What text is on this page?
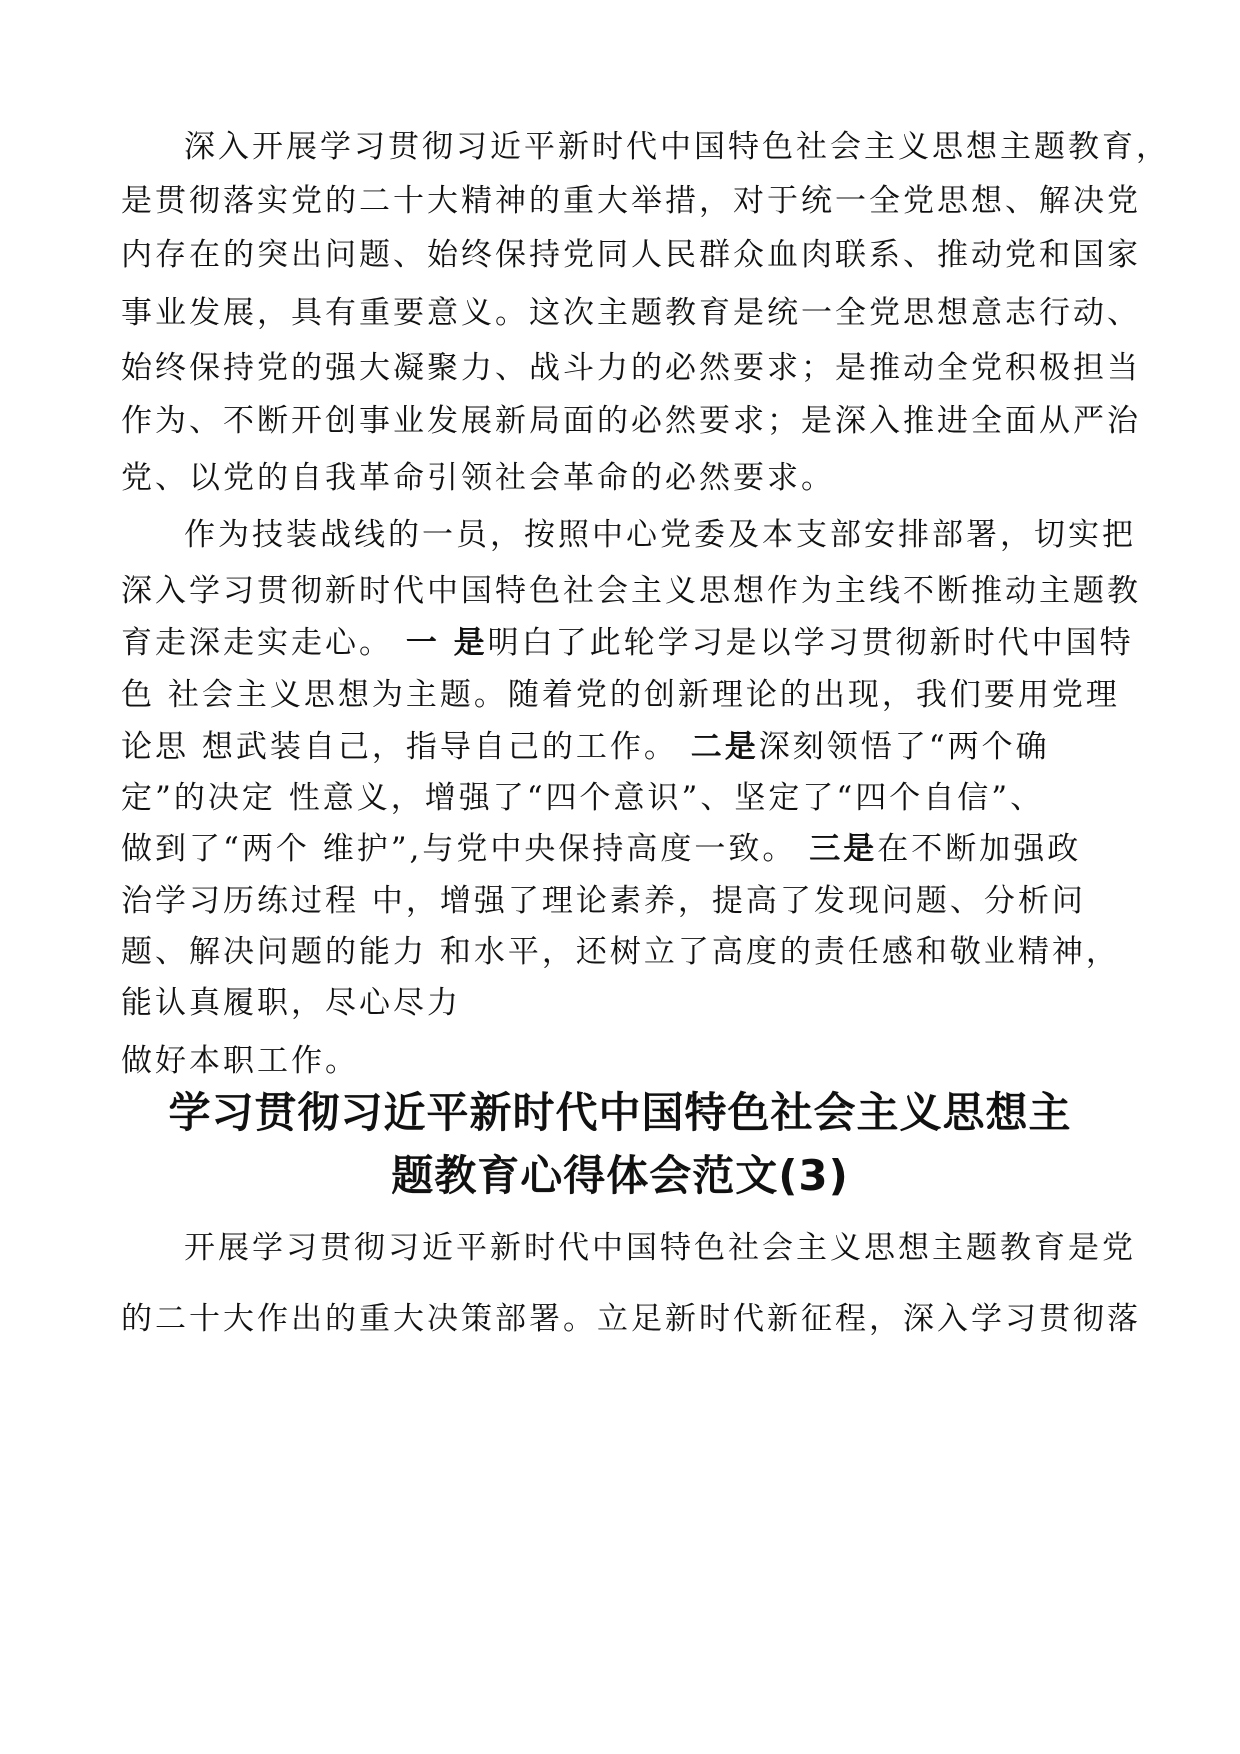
深入开展学习贯彻习近平新时代中国特色社会主义思想主题教育，

是贯彻落实党的二十大精神的重大举措，对于统一全党思想、解决党

内存在的突出问题、始终保持党同人民群众血肉联系、推动党和国家

事业发展，具有重要意义。这次主题教育是统一全党思想意志行动、

始终保持党的强大凝聚力、战斗力的必然要求；是推动全党积极担当

作为、不断开创事业发展新局面的必然要求；是深入推进全面从严治

党、以党的自我革命引领社会革命的必然要求。

作为技装战线的一员，按照中心党委及本支部安排部署，切实把

深入学习贯彻新时代中国特色社会主义思想作为主线不断推动主题教

育走深走实走心。 一 是明白了此轮学习是以学习贯彻新时代中国特

色 社会主义思想为主题。随着党的创新理论的出现，我们要用党理

论思 想武装自己，指导自己的工作。 二是深刻领悟了“两个确

定”的决定 性意义，增强了“四个意识”、坚定了“四个自信”、

做到了“两个 维护”,与党中央保持高度一致。 三是在不断加强政

治学习历练过程 中，增强了理论素养，提高了发现问题、分析问

题、解决问题的能力 和水平，还树立了高度的责任感和敬业精神，

能认真履职，尽心尽力

做好本职工作。

学习贯彻习近平新时代中国特色社会主义思想主
题教育心得体会范文(3)

开展学习贯彻习近平新时代中国特色社会主义思想主题教育是党

的二十大作出的重大决策部署。立足新时代新征程，深入学习贯彻落
